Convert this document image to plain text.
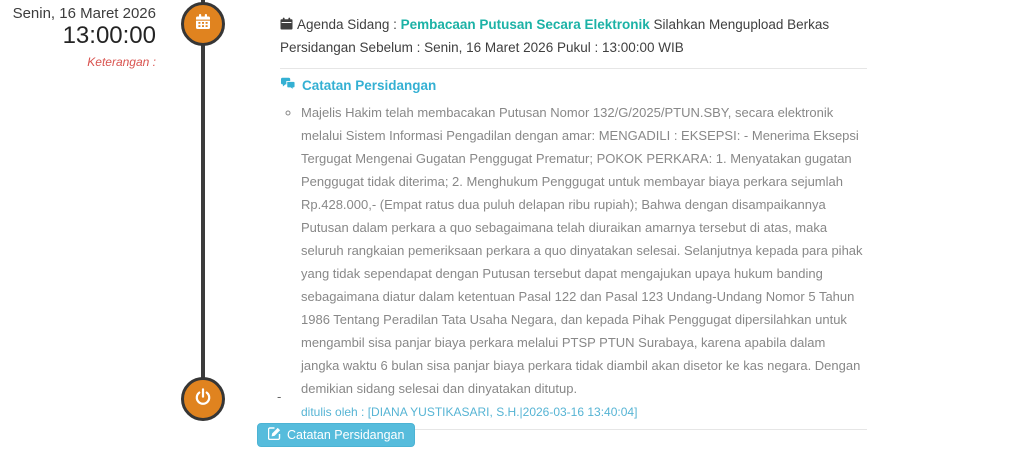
Senin, 16 Maret 2026
13:00:00
Keterangan :
Agenda Sidang : Pembacaan Putusan Secara Elektronik Silahkan Mengupload Berkas Persidangan Sebelum : Senin, 16 Maret 2026 Pukul : 13:00:00 WIB
Catatan Persidangan
◦ Majelis Hakim telah membacakan Putusan Nomor 132/G/2025/PTUN.SBY, secara elektronik melalui Sistem Informasi Pengadilan dengan amar: MENGADILI : EKSEPSI: - Menerima Eksepsi Tergugat Mengenai Gugatan Penggugat Prematur; POKOK PERKARA: 1. Menyatakan gugatan Penggugat tidak diterima; 2. Menghukum Penggugat untuk membayar biaya perkara sejumlah Rp.428.000,- (Empat ratus dua puluh delapan ribu rupiah); Bahwa dengan disampaikannya Putusan dalam perkara a quo sebagaimana telah diuraikan amarnya tersebut di atas, maka seluruh rangkaian pemeriksaan perkara a quo dinyatakan selesai. Selanjutnya kepada para pihak yang tidak sependapat dengan Putusan tersebut dapat mengajukan upaya hukum banding sebagaimana diatur dalam ketentuan Pasal 122 dan Pasal 123 Undang-Undang Nomor 5 Tahun 1986 Tentang Peradilan Tata Usaha Negara, dan kepada Pihak Penggugat dipersilahkan untuk mengambil sisa panjar biaya perkara melalui PTSP PTUN Surabaya, karena apabila dalam jangka waktu 6 bulan sisa panjar biaya perkara tidak diambil akan disetor ke kas negara. Dengan demikian sidang selesai dan dinyatakan ditutup.
ditulis oleh : [DIANA YUSTIKASARI, S.H.|2026-03-16 13:40:04]
-
Catatan Persidangan
